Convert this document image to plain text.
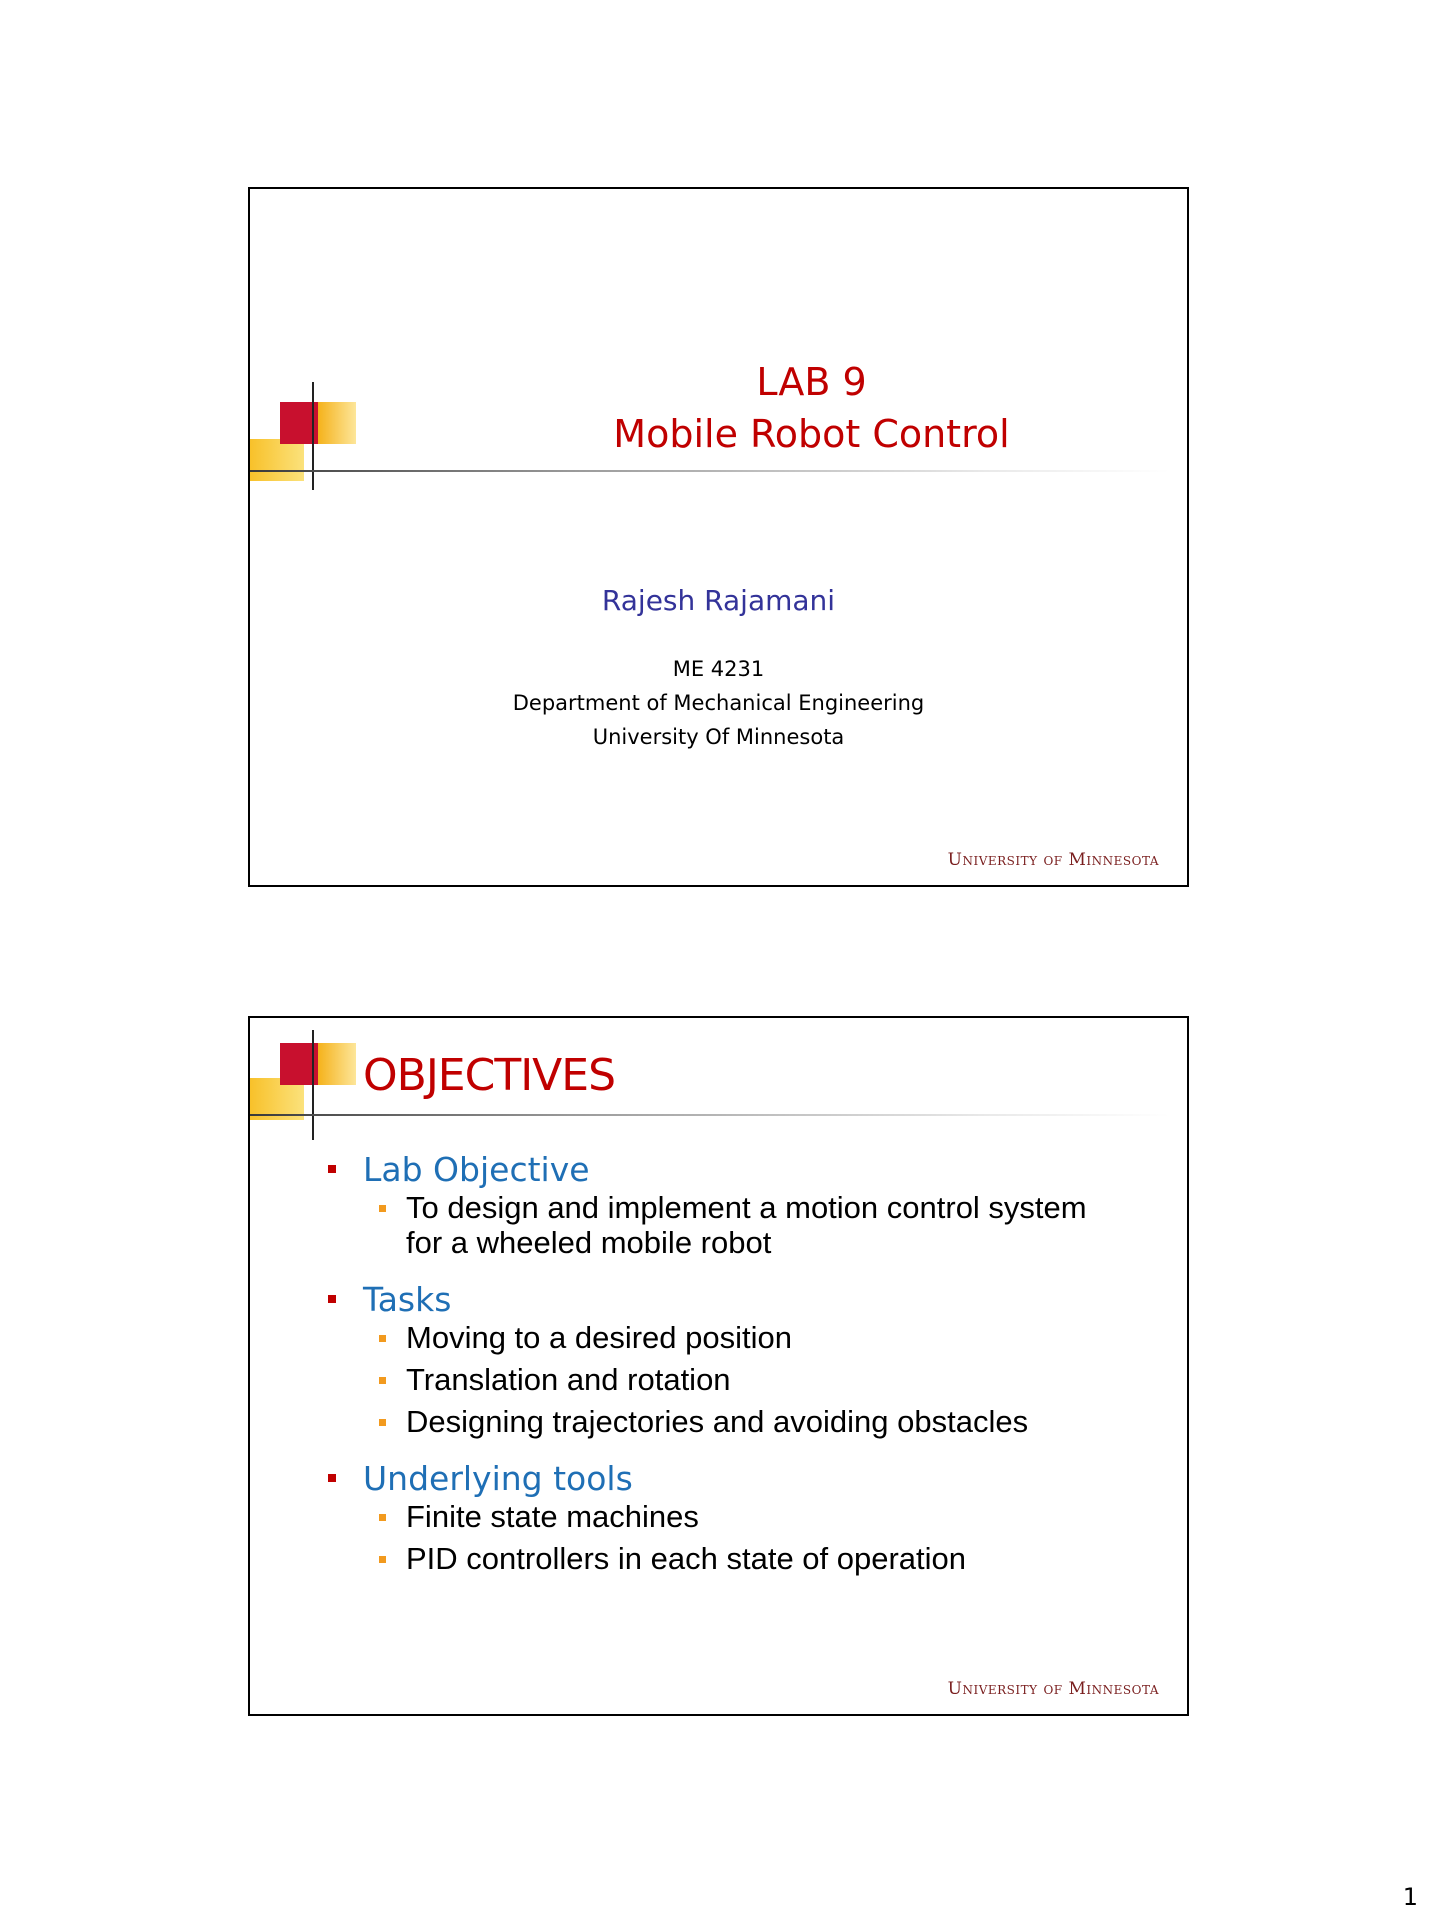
LAB 9
Mobile Robot Control
Rajesh Rajamani
ME 4231
Department of Mechanical Engineering
University Of Minnesota
University of Minnesota
OBJECTIVES
Lab Objective
To design and implement a motion control system for a wheeled mobile robot
Tasks
Moving to a desired position
Translation and rotation
Designing trajectories and avoiding obstacles
Underlying tools
Finite state machines
PID controllers in each state of operation
University of Minnesota
1
